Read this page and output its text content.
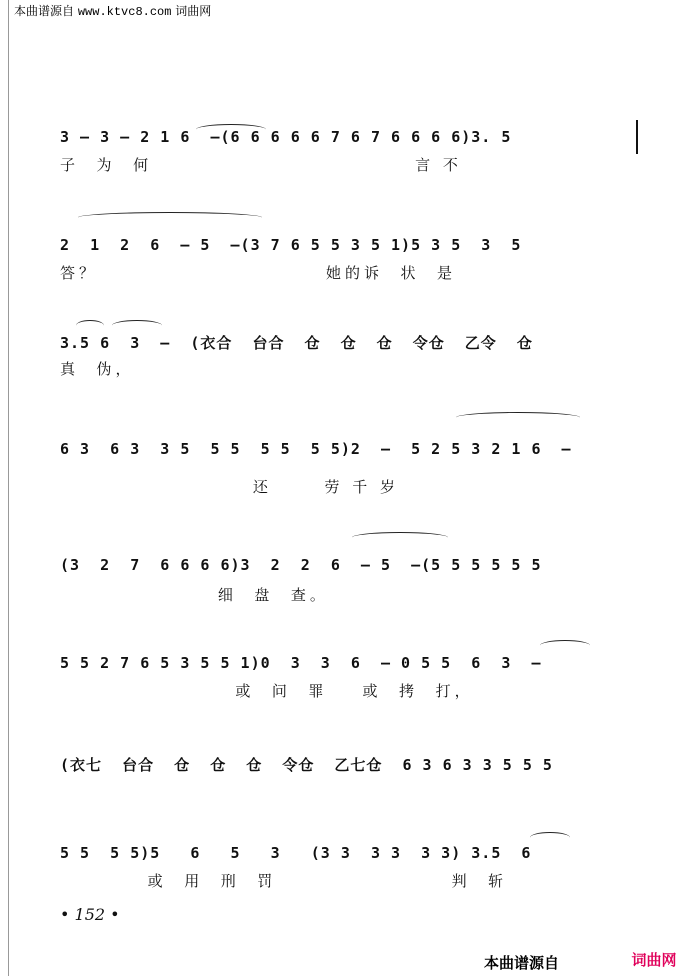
本曲谱源自 www.ktvc8.com 词曲网
3 – 3 – 2 1 6  –(6 6 6 6 6 7 6 7 6 6 6 6)3. 5
子  为  何                              言 不
2  1  2  6  – 5  –(3 7 6 5 5 3 5 1)5 3 5  3  5
答？                          她的诉  状  是
3.5 6  3  –  (衣合  台合  仓  仓  仓  令仓  乙令  仓
真  伪，
6 3  6 3  3 5  5 5  5 5  5 5)2  –  5 2 5 3 2 1 6  –
还      劳 千 岁
(3  2  7  6 6 6 6)3  2  2  6  – 5  –(5 5 5 5 5 5
细  盘  查。
5 5 2 7 6 5 3 5 5 1)0  3  3  6  – 0 5 5  6  3  –
或  问  罪    或  拷  打，
(衣七  台合  仓  仓  仓  令仓  乙七仓  6 3 6 3 3 5 5 5
5 5  5 5)5   6   5   3   (3 3  3 3  3 3) 3.5  6
或  用  刑  罚                    判  斩
• 152 •
本曲谱源自	词曲网
